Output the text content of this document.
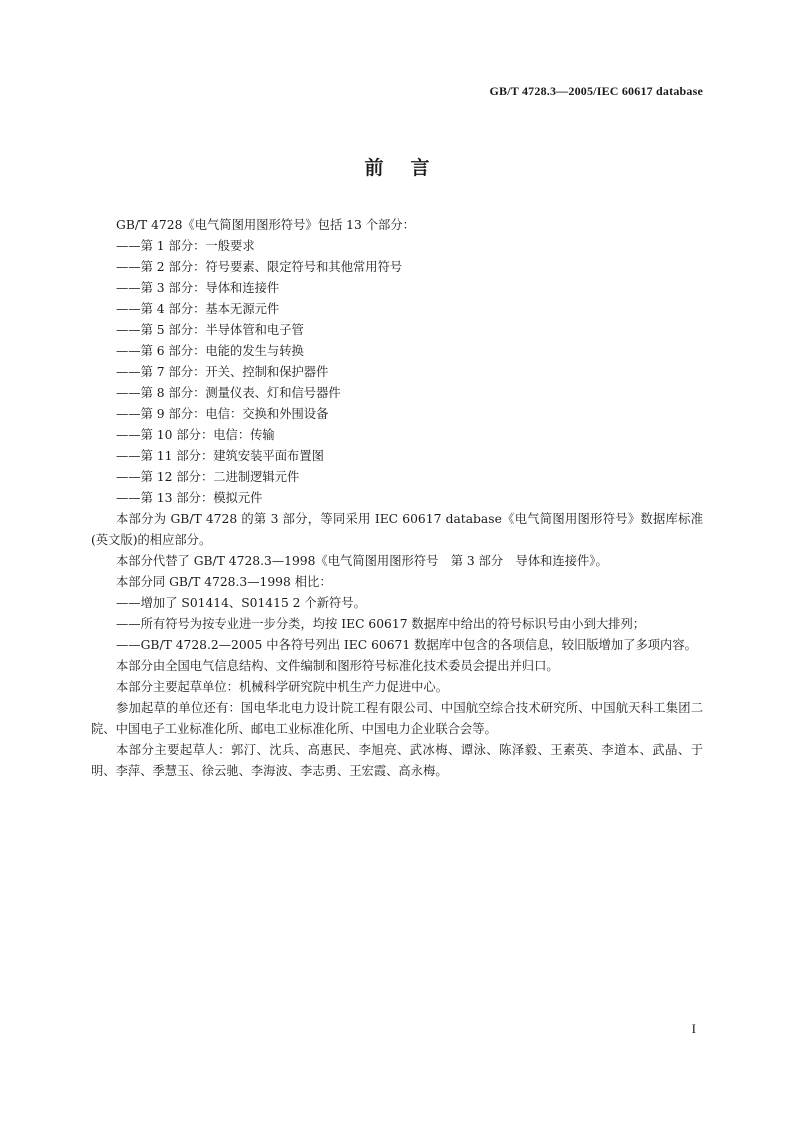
GB/T 4728.3—2005/IEC 60617 database
前言

GB/T 4728《电气简图用图形符号》包括 13 个部分：

——第 1 部分：一般要求

——第 2 部分：符号要素、限定符号和其他常用符号

——第 3 部分：导体和连接件

——第 4 部分：基本无源元件

——第 5 部分：半导体管和电子管

——第 6 部分：电能的发生与转换

——第 7 部分：开关、控制和保护器件

——第 8 部分：测量仪表、灯和信号器件

——第 9 部分：电信：交换和外围设备

——第 10 部分：电信：传输

——第 11 部分：建筑安装平面布置图

——第 12 部分：二进制逻辑元件

——第 13 部分：模拟元件

本部分为 GB/T 4728 的第 3 部分，等同采用 IEC 60617 database《电气简图用图形符号》数据库标准(英文版)的相应部分。

本部分代替了 GB/T 4728.3—1998《电气简图用图形符号　第 3 部分　导体和连接件》。

本部分同 GB/T 4728.3—1998 相比：

——增加了 S01414、S01415 2 个新符号。

——所有符号为按专业进一步分类，均按 IEC 60617 数据库中给出的符号标识号由小到大排列；

——GB/T 4728.2—2005 中各符号列出 IEC 60671 数据库中包含的各项信息，较旧版增加了多项内容。

本部分由全国电气信息结构、文件编制和图形符号标准化技术委员会提出并归口。

本部分主要起草单位：机械科学研究院中机生产力促进中心。

参加起草的单位还有：国电华北电力设计院工程有限公司、中国航空综合技术研究所、中国航天科工集团二院、中国电子工业标准化所、邮电工业标准化所、中国电力企业联合会等。

本部分主要起草人：郭汀、沈兵、高惠民、李旭亮、武冰梅、谭泳、陈泽毅、王素英、李道本、武晶、于明、李萍、季慧玉、徐云驰、李海波、李志勇、王宏霞、高永梅。

I
